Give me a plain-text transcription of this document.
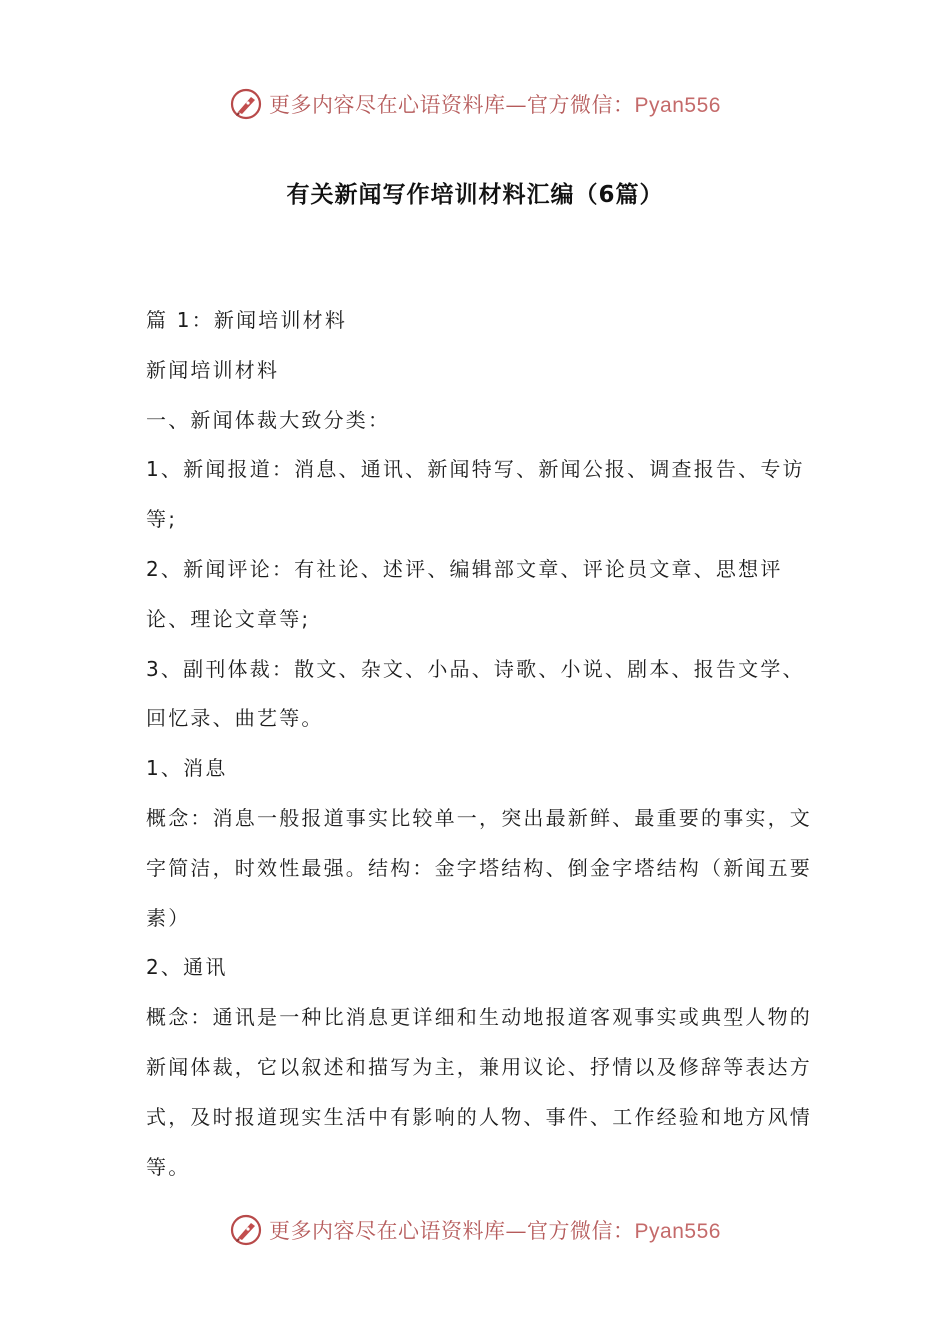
更多内容尽在心语资料库—官方微信：Pyan556
有关新闻写作培训材料汇编（6篇）

篇 1：新闻培训材料

新闻培训材料

一、新闻体裁大致分类：

1、新闻报道：消息、通讯、新闻特写、新闻公报、调查报告、专访等;

2、新闻评论：有社论、述评、编辑部文章、评论员文章、思想评论、理论文章等;

3、副刊体裁：散文、杂文、小品、诗歌、小说、剧本、报告文学、回忆录、曲艺等。

1、消息

概念：消息一般报道事实比较单一，突出最新鲜、最重要的事实，文字简洁，时效性最强。结构：金字塔结构、倒金字塔结构（新闻五要素）

2、通讯

概念：通讯是一种比消息更详细和生动地报道客观事实或典型人物的新闻体裁，它以叙述和描写为主，兼用议论、抒情以及修辞等表达方式，及时报道现实生活中有影响的人物、事件、工作经验和地方风情等。

更多内容尽在心语资料库—官方微信：Pyan556
